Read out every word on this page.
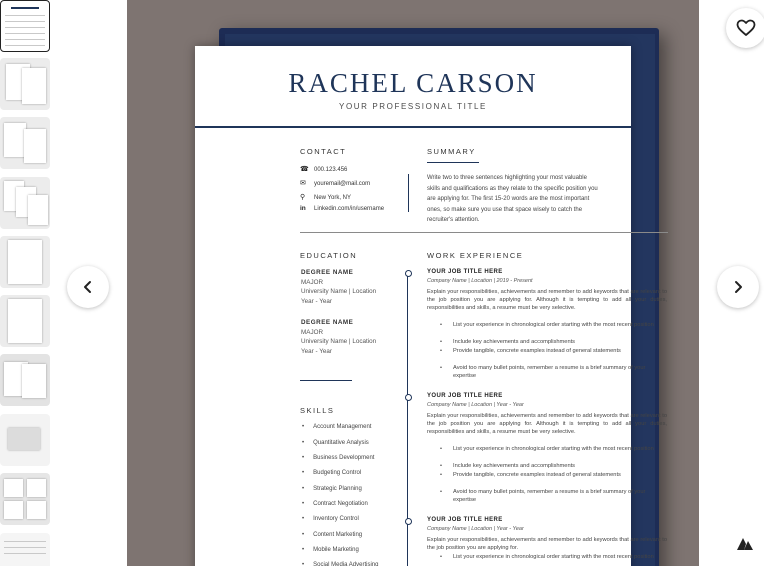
RACHEL CARSON
YOUR PROFESSIONAL TITLE
CONTACT	SUMMARY
☎ 000.123.456
✉ youremail@mail.com
⚲ New York, NY
in Linkedin.com/in/username
Write two to three sentences highlighting your most valuable skills and qualifications as they relate to the specific position you are applying for. The first 15-20 words are the most important ones, so make sure you use that space wisely to catch the recruiter's attention.
EDUCATION	WORK EXPERIENCE
DEGREE NAME
MAJOR
University Name | Location
Year - Year
DEGREE NAME
MAJOR
University Name | Location
Year - Year
SKILLS
• Account Management
• Quantitative Analysis
• Business Development
• Budgeting Control
• Strategic Planning
• Contract Negotiation
• Inventory Control
• Content Marketing
• Mobile Marketing
• Social Media Advertising
YOUR JOB TITLE HERE
Company Name | Location | 2019 - Present
Explain your responsibilities, achievements and remember to add keywords that are relevant to the job position you are applying for. Although it is tempting to add all your duties, responsibilities and skills, a resume must be very selective.
• List your experience in chronological order starting with the most recent position
• Include key achievements and accomplishments
• Provide tangible, concrete examples instead of general statements
• Avoid too many bullet points, remember a resume is a brief summary of your expertise
YOUR JOB TITLE HERE
Company Name | Location | Year - Year
Explain your responsibilities, achievements and remember to add keywords that are relevant to the job position you are applying for. Although it is tempting to add all your duties, responsibilities and skills, a resume must be very selective.
• List your experience in chronological order starting with the most recent position
• Include key achievements and accomplishments
• Provide tangible, concrete examples instead of general statements
• Avoid too many bullet points, remember a resume is a brief summary of your expertise
YOUR JOB TITLE HERE
Company Name | Location | Year - Year
Explain your responsibilities, achievements and remember to add keywords that are relevant to the job position you are applying for.
• List your experience in chronological order starting with the most recent position
